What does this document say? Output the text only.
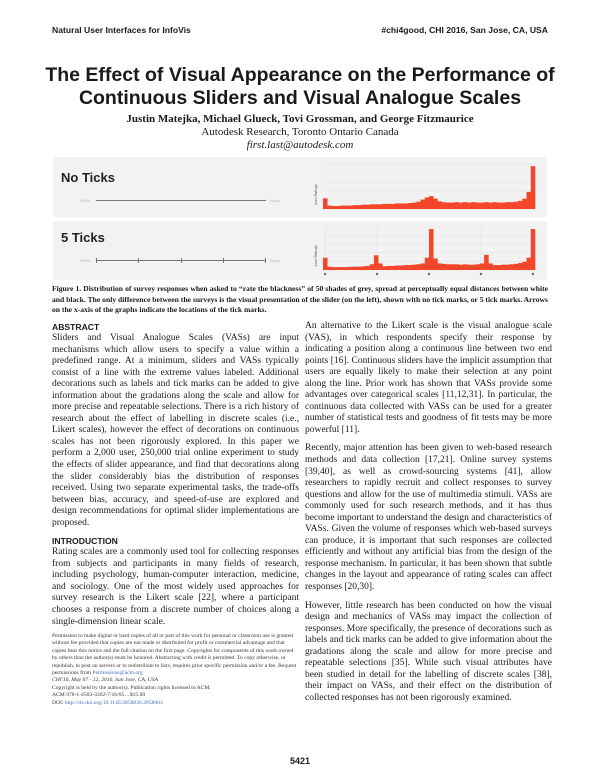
Natural User Interfaces for InfoVis	#chi4good, CHI 2016, San Jose, CA, USA
The Effect of Visual Appearance on the Performance of Continuous Sliders and Visual Analogue Scales
Justin Matejka, Michael Glueck, Tovi Grossman, and George Fitzmaurice
Autodesk Research, Toronto Ontario Canada
first.last@autodesk.com
No Ticks
White	Black	Num Ratings
5 Ticks
White	Black	Num Ratings

Figure 1. Distribution of survey responses when asked to “rate the blackness” of 50 shades of grey, spread at perceptually equal distances between white and black. The only difference between the surveys is the visual presentation of the slider (on the left), shown with no tick marks, or 5 tick marks. Arrows on the x-axis of the graphs indicate the locations of the tick marks.

ABSTRACT

Sliders and Visual Analogue Scales (VASs) are input mechanisms which allow users to specify a value within a predefined range. At a minimum, sliders and VASs typically consist of a line with the extreme values labeled. Additional decorations such as labels and tick marks can be added to give information about the gradations along the scale and allow for more precise and repeatable selections. There is a rich history of research about the effect of labelling in discrete scales (i.e., Likert scales), however the effect of decorations on continuous scales has not been rigorously explored. In this paper we perform a 2,000 user, 250,000 trial online experiment to study the effects of slider appearance, and find that decorations along the slider considerably bias the distribution of responses received. Using two separate experimental tasks, the trade-offs between bias, accuracy, and speed-of-use are explored and design recommendations for optimal slider implementations are proposed.

INTRODUCTION

Rating scales are a commonly used tool for collecting responses from subjects and participants in many fields of research, including psychology, human-computer interaction, medicine, and sociology. One of the most widely used approaches for survey research is the Likert scale [22], where a participant chooses a response from a discrete number of choices along a single-dimension linear scale.

Permission to make digital or hard copies of all or part of this work for personal or classroom use is granted without fee provided that copies are not made or distributed for profit or commercial advantage and that copies bear this notice and the full citation on the first page. Copyrights for components of this work owned by others than the author(s) must be honored. Abstracting with credit is permitted. To copy otherwise, or republish, to post on servers or to redistribute to lists, requires prior specific permission and/or a fee. Request permissions from Permissions@acm.org
CHI'16, May 07 - 12, 2016, San Jose, CA, USA
Copyright is held by the author(s). Publication rights licensed to ACM.
ACM 978-1-4503-3362-7/16/05…$15.00
DOI: http://dx.doi.org/10.1145/2858036.2858063

An alternative to the Likert scale is the visual analogue scale (VAS), in which respondents specify their response by indicating a position along a continuous line between two end points [16]. Continuous sliders have the implicit assumption that users are equally likely to make their selection at any point along the line. Prior work has shown that VASs provide some advantages over categorical scales [11,12,31]. In particular, the continuous data collected with VASs can be used for a greater number of statistical tests and goodness of fit tests may be more powerful [11].

Recently, major attention has been given to web-based research methods and data collection [17,21]. Online survey systems [39,40], as well as crowd-sourcing systems [41], allow researchers to rapidly recruit and collect responses to survey questions and allow for the use of multimedia stimuli. VASs are commonly used for such research methods, and it has thus become important to understand the design and characteristics of VASs. Given the volume of responses which web-based surveys can produce, it is important that such responses are collected efficiently and without any artificial bias from the design of the response mechanism. In particular, it has been shown that subtle changes in the layout and appearance of rating scales can affect responses [20,30].

However, little research has been conducted on how the visual design and mechanics of VASs may impact the collection of responses. More specifically, the presence of decorations such as labels and tick marks can be added to give information about the gradations along the scale and allow for more precise and repeatable selections [35]. While such visual attributes have been studied in detail for the labelling of discrete scales [38], their impact on VASs, and their effect on the distribution of collected responses has not been rigorously examined.

5421
